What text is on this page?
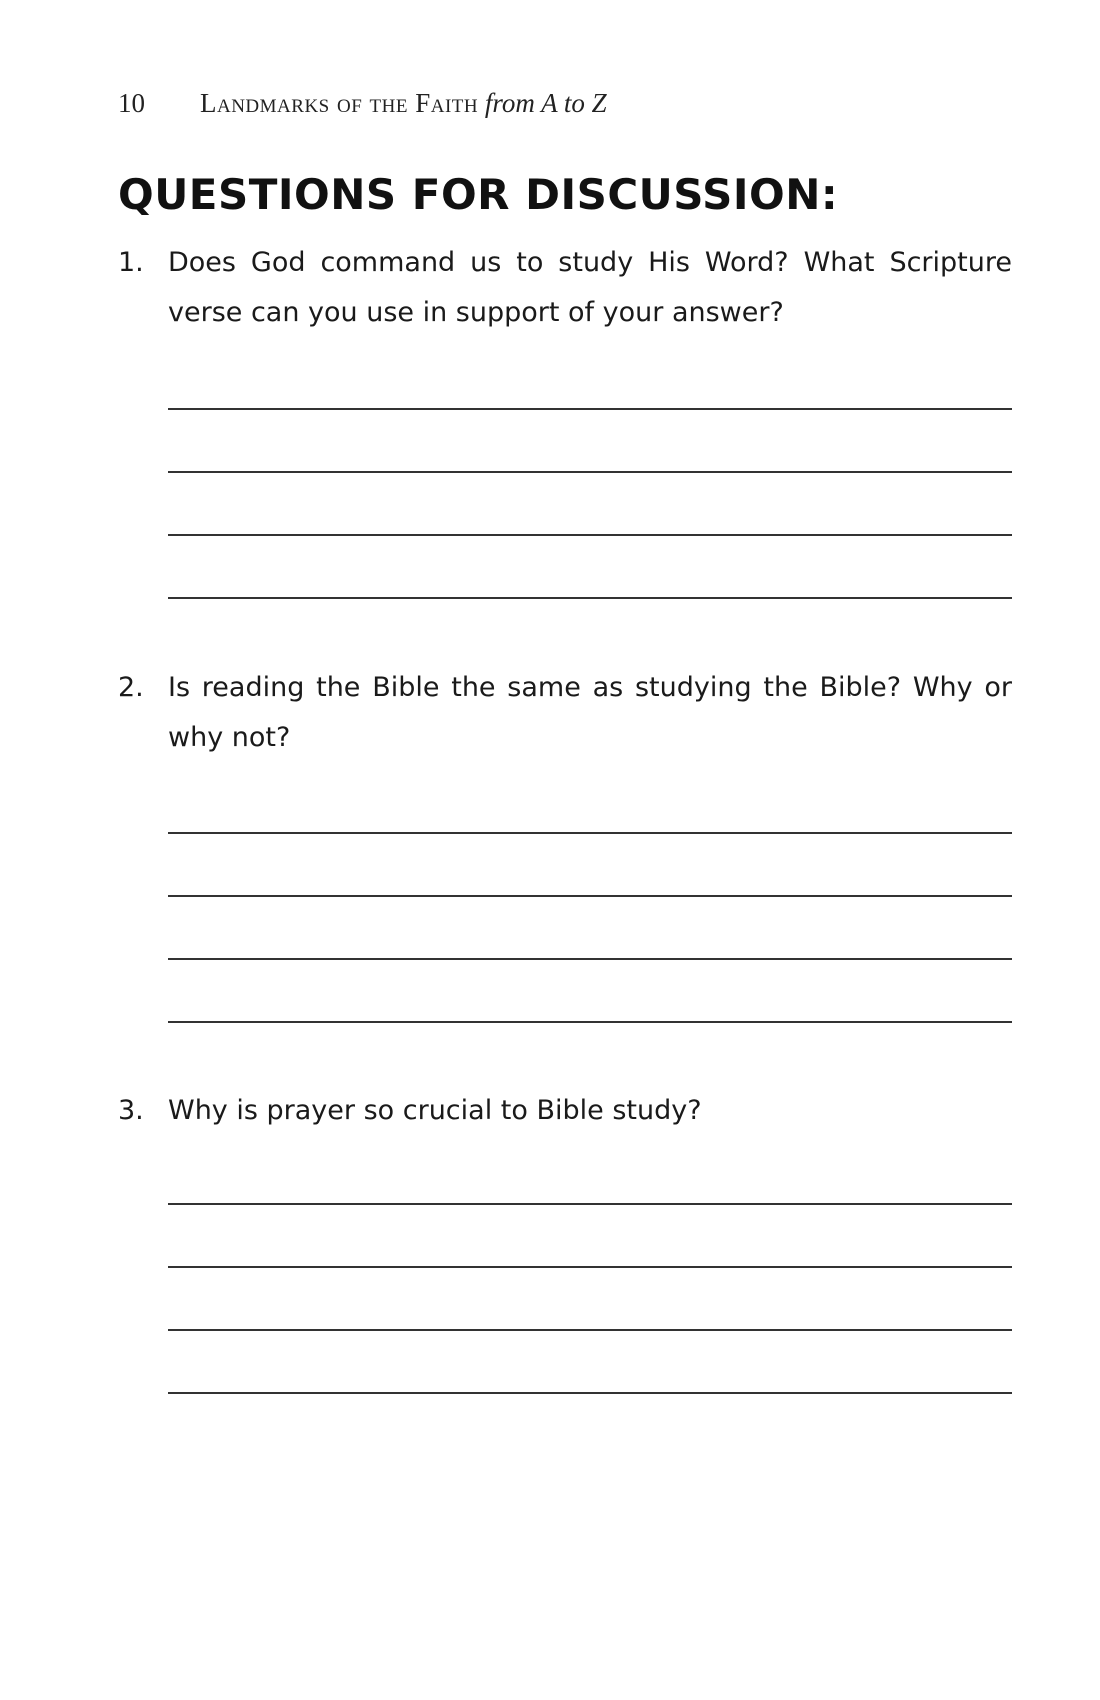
10 Landmarks of the Faith from A to Z
QUESTIONS FOR DISCUSSION:
1. Does God command us to study His Word? What Scripture verse can you use in support of your answer?
2. Is reading the Bible the same as studying the Bible? Why or why not?
3. Why is prayer so crucial to Bible study?
